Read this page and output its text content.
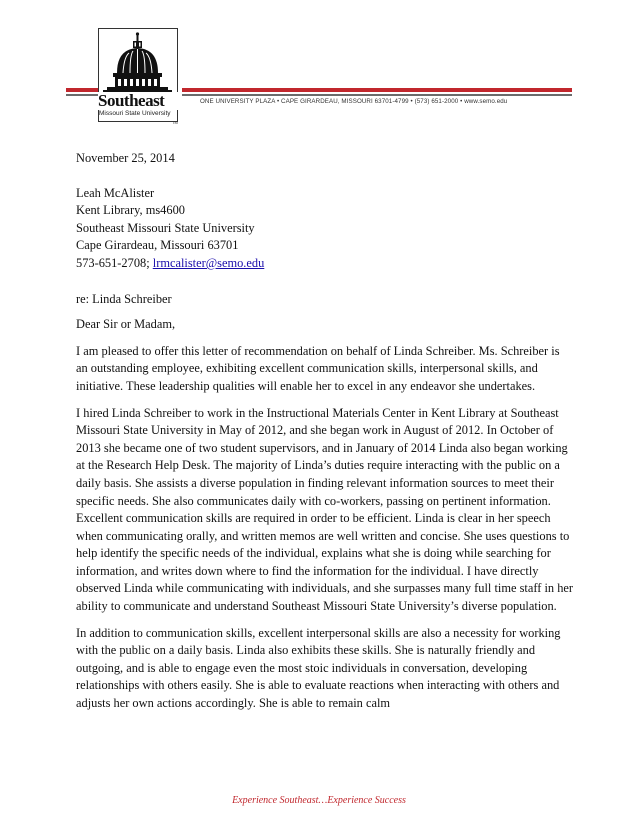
Southeast
Missouri State University
TM
ONE UNIVERSITY PLAZA • CAPE GIRARDEAU, MISSOURI 63701-4799 • (573) 651-2000 • www.semo.edu

November 25, 2014

Leah McAlister

Kent Library, ms4600

Southeast Missouri State University

Cape Girardeau, Missouri 63701

573-651-2708; lrmcalister@semo.edu

re: Linda Schreiber

Dear Sir or Madam,

I am pleased to offer this letter of recommendation on behalf of Linda Schreiber. Ms. Schreiber is an outstanding employee, exhibiting excellent communication skills, interpersonal skills, and initiative. These leadership qualities will enable her to excel in any endeavor she undertakes.

I hired Linda Schreiber to work in the Instructional Materials Center in Kent Library at Southeast Missouri State University in May of 2012, and she began work in August of 2012. In October of 2013 she became one of two student supervisors, and in January of 2014 Linda also began working at the Research Help Desk. The majority of Linda’s duties require interacting with the public on a daily basis. She assists a diverse population in finding relevant information sources to meet their specific needs. She also communicates daily with co-workers, passing on pertinent information. Excellent communication skills are required in order to be efficient. Linda is clear in her speech when communicating orally, and written memos are well written and concise. She uses questions to help identify the specific needs of the individual, explains what she is doing while searching for information, and writes down where to find the information for the individual. I have directly observed Linda while communicating with individuals, and she surpasses many full time staff in her ability to communicate and understand Southeast Missouri State University’s diverse population.

In addition to communication skills, excellent interpersonal skills are also a necessity for working with the public on a daily basis. Linda also exhibits these skills. She is naturally friendly and outgoing, and is able to engage even the most stoic individuals in conversation, developing relationships with others easily. She is able to evaluate reactions when interacting with others and adjusts her own actions accordingly. She is able to remain calm

Experience Southeast…Experience Success
